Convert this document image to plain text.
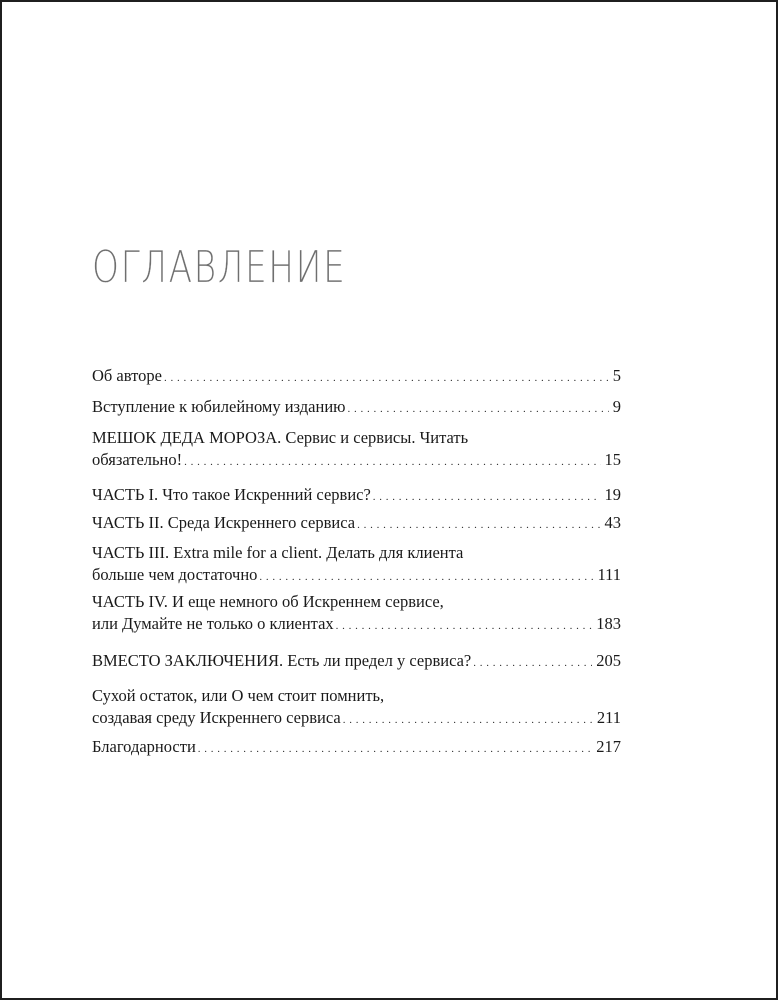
ОГЛАВЛЕНИЕ
Об авторе . . .	5
Вступление к юбилейному изданию . . .	9
МЕШОК ДЕДА МОРОЗА. Сервис и сервисы. Читать
обязательно! . . .	15
ЧАСТЬ I. Что такое Искренний сервис? . . .	19
ЧАСТЬ II. Среда Искреннего сервиса . . .	43
ЧАСТЬ III. Extra mile for a client. Делать для клиента
больше чем достаточно . . .	111
ЧАСТЬ IV. И еще немного об Искреннем сервисе,
или Думайте не только о клиентах . . .	183
ВМЕСТО ЗАКЛЮЧЕНИЯ. Есть ли предел у сервиса? . . .	205
Сухой остаток, или О чем стоит помнить,
создавая среду Искреннего сервиса . . .	211
Благодарности . . .	217
